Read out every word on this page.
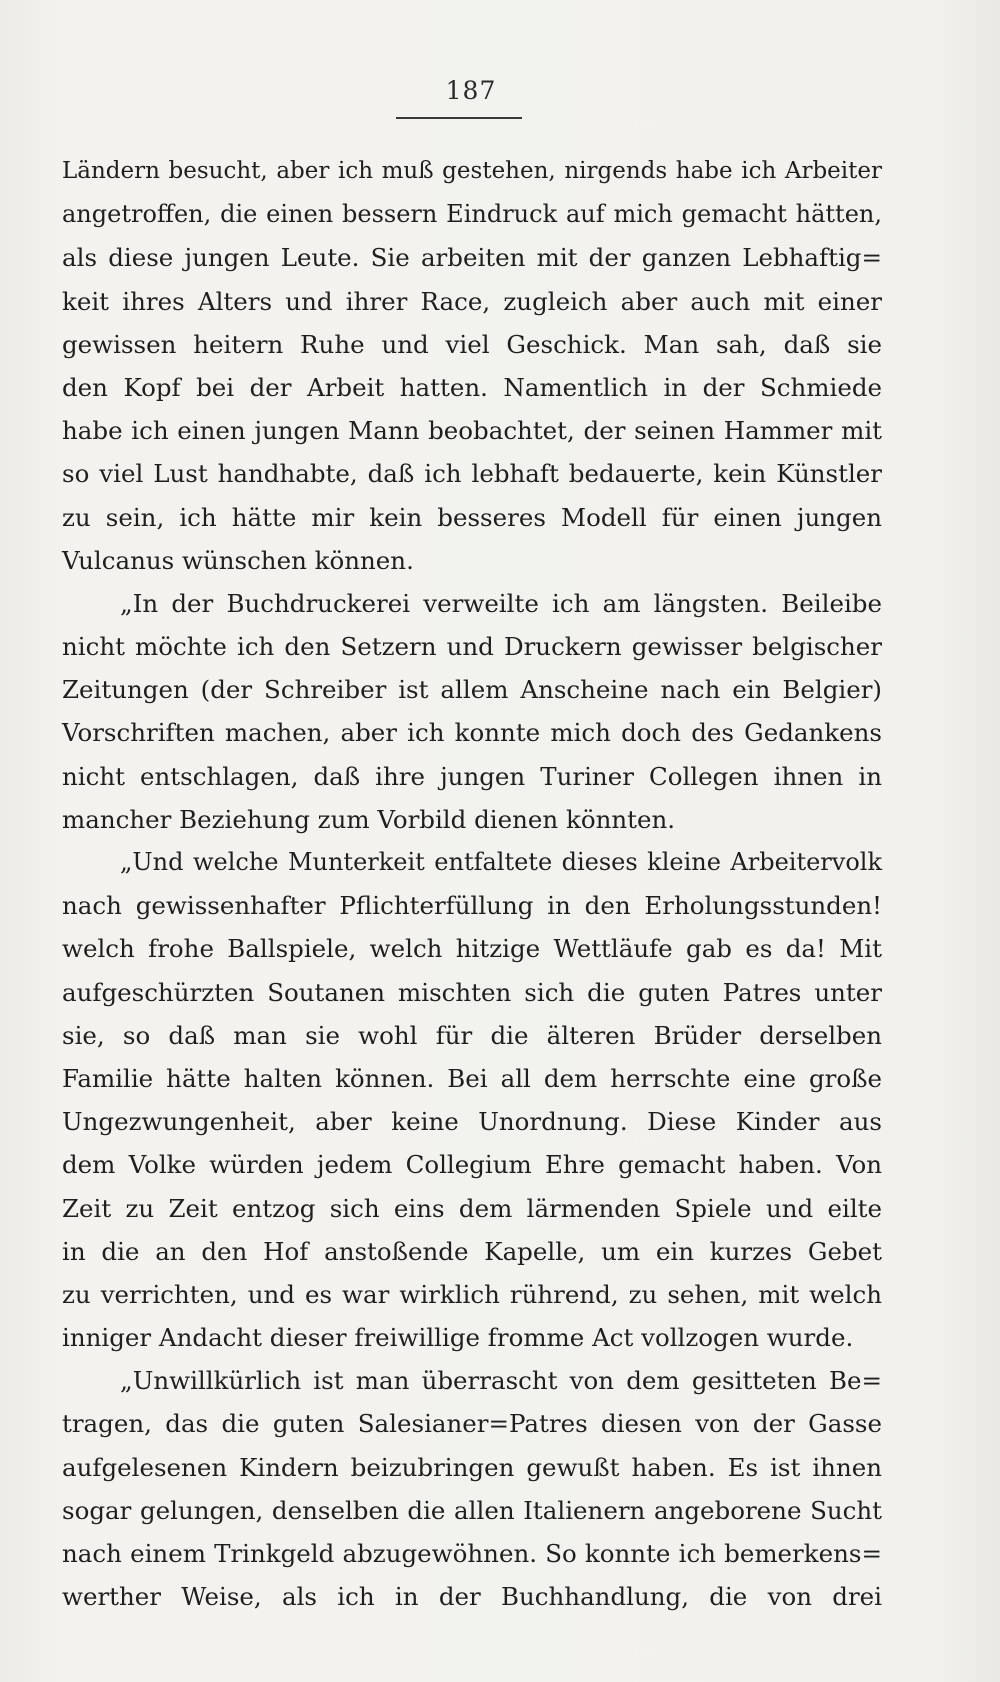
187
Ländern besucht, aber ich muß gestehen, nirgends habe ich Arbeiter
angetroffen, die einen bessern Eindruck auf mich gemacht hätten,
als diese jungen Leute. Sie arbeiten mit der ganzen Lebhaftig=
keit ihres Alters und ihrer Race, zugleich aber auch mit einer
gewissen heitern Ruhe und viel Geschick. Man sah, daß sie
den Kopf bei der Arbeit hatten. Namentlich in der Schmiede
habe ich einen jungen Mann beobachtet, der seinen Hammer mit
so viel Lust handhabte, daß ich lebhaft bedauerte, kein Künstler
zu sein, ich hätte mir kein besseres Modell für einen jungen
Vulcanus wünschen können.
„In der Buchdruckerei verweilte ich am längsten. Beileibe
nicht möchte ich den Setzern und Druckern gewisser belgischer
Zeitungen (der Schreiber ist allem Anscheine nach ein Belgier)
Vorschriften machen, aber ich konnte mich doch des Gedankens
nicht entschlagen, daß ihre jungen Turiner Collegen ihnen in
mancher Beziehung zum Vorbild dienen könnten.
„Und welche Munterkeit entfaltete dieses kleine Arbeitervolk
nach gewissenhafter Pflichterfüllung in den Erholungsstunden!
welch frohe Ballspiele, welch hitzige Wettläufe gab es da! Mit
aufgeschürzten Soutanen mischten sich die guten Patres unter
sie, so daß man sie wohl für die älteren Brüder derselben
Familie hätte halten können. Bei all dem herrschte eine große
Ungezwungenheit, aber keine Unordnung. Diese Kinder aus
dem Volke würden jedem Collegium Ehre gemacht haben. Von
Zeit zu Zeit entzog sich eins dem lärmenden Spiele und eilte
in die an den Hof anstoßende Kapelle, um ein kurzes Gebet
zu verrichten, und es war wirklich rührend, zu sehen, mit welch
inniger Andacht dieser freiwillige fromme Act vollzogen wurde.
„Unwillkürlich ist man überrascht von dem gesitteten Be=
tragen, das die guten Salesianer=Patres diesen von der Gasse
aufgelesenen Kindern beizubringen gewußt haben. Es ist ihnen
sogar gelungen, denselben die allen Italienern angeborene Sucht
nach einem Trinkgeld abzugewöhnen. So konnte ich bemerkens=
werther Weise, als ich in der Buchhandlung, die von drei
